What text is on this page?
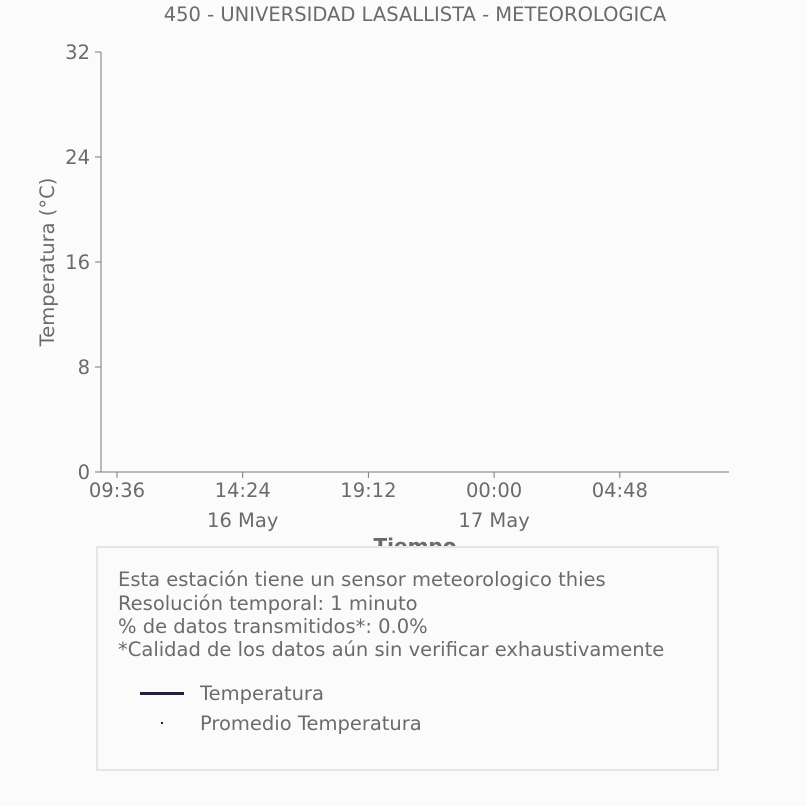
450 - UNIVERSIDAD LASALLISTA - METEOROLOGICA
0
8
16
24
32
09:36	14:24	19:12	00:00	04:48
16 May	17 May
Temperatura (°C)
Esta estación tiene un sensor meteorologico thies
Resolución temporal: 1 minuto
% de datos transmitidos*: 0.0%
*Calidad de los datos aún sin verificar exhaustivamente
Temperatura
Promedio Temperatura
